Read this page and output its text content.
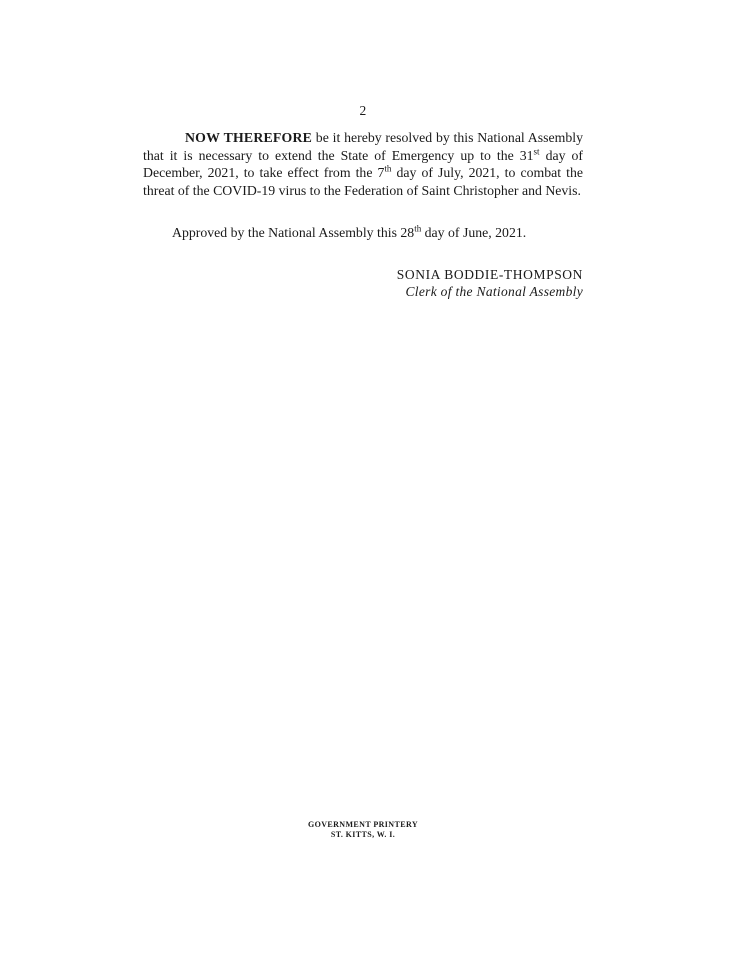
2

NOW THEREFORE be it hereby resolved by this National Assembly that it is necessary to extend the State of Emergency up to the 31st day of December, 2021, to take effect from the 7th day of July, 2021, to combat the threat of the COVID-19 virus to the Federation of Saint Christopher and Nevis.

Approved by the National Assembly this 28th day of June, 2021.

SONIA BODDIE-THOMPSON
Clerk of the National Assembly
GOVERNMENT PRINTERY
ST. KITTS, W. I.
